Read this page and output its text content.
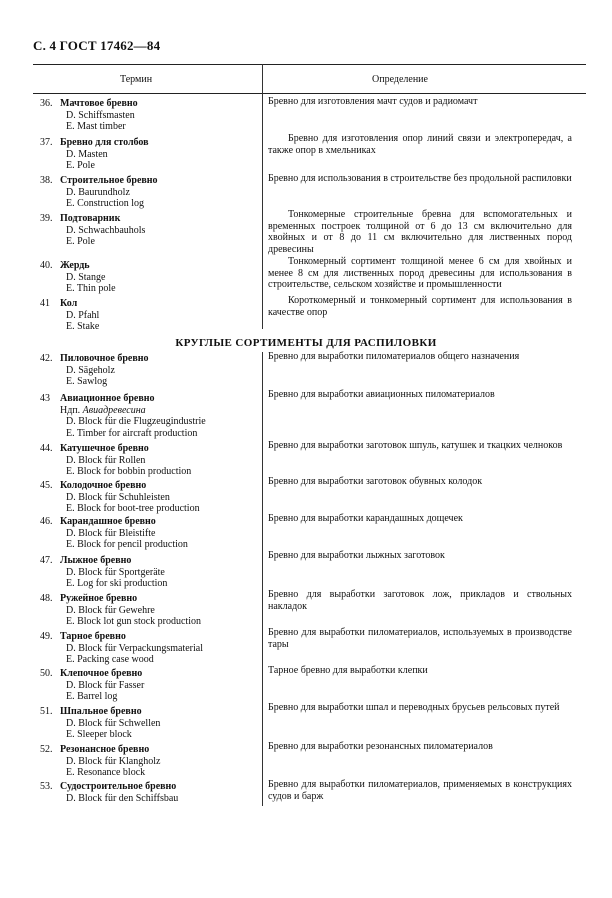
С. 4 ГОСТ 17462—84
Термин	Определение
КРУГЛЫЕ СОРТИМЕНТЫ ДЛЯ РАСПИЛОВКИ
36. Мачтовое бревно
D. Schiffsmasten
E. Mast timber
Бревно для изготовления мачт судов и радиомачт
37. Бревно для столбов
D. Masten
E. Pole
Бревно для изготовления опор линий связи и электропередач, а также опор в хмельниках
38. Строительное бревно
D. Baurundholz
E. Construction log
Бревно для использования в строительстве без продольной распиловки
39. Подтоварник
D. Schwachbauhols
E. Pole
Тонкомерные строительные бревна для вспомогательных и временных построек толщиной от 6 до 13 см включительно для хвойных и от 8 до 11 см включительно для лиственных пород древесины
40. Жердь
D. Stange
E. Thin pole
Тонкомерный сортимент толщиной менее 6 см для хвойных и менее 8 см для лиственных пород древесины для использования в строительстве, сельском хозяйстве и промышленности
41 Кол
D. Pfahl
E. Stake
Короткомерный и тонкомерный сортимент для использования в качестве опор
42. Пиловочное бревно
D. Sägeholz
E. Sawlog
Бревно для выработки пиломатериалов общего назначения
43 Авиационное бревно
Ндп. Авиадревесина
D. Block für die Flugzeugindustrie
E. Timber for aircraft production
Бревно для выработки авиационных пиломатериалов
44. Катушечное бревно
D. Block für Rollen
E. Block for bobbin production
Бревно для выработки заготовок шпуль, катушек и ткацких челноков
45. Колодочное бревно
D. Block für Schuhleisten
E. Block for boot-tree production
Бревно для выработки заготовок обувных колодок
46. Карандашное бревно
D. Block für Bleistifte
E. Block for pencil production
Бревно для выработки карандашных дощечек
47. Лыжное бревно
D. Block für Sportgeräte
E. Log for ski production
Бревно для выработки лыжных заготовок
48. Ружейное бревно
D. Block für Gewehre
E. Block lot gun stock production
Бревно для выработки заготовок лож, прикладов и ствольных накладок
49. Тарное бревно
D. Block für Verpackungsmaterial
E. Packing case wood
Бревно для выработки пиломатериалов, используемых в производстве тары
50. Клепочное бревно
D. Block für Fasser
E. Barrel log
Тарное бревно для выработки клепки
51. Шпальное бревно
D. Block für Schwellen
E. Sleeper block
Бревно для выработки шпал и переводных брусьев рельсовых путей
52. Резонансное бревно
D. Block für Klangholz
E. Resonance block
Бревно для выработки резонансных пиломатериалов
53. Судостроительное бревно
D. Block für den Schiffsbau
Бревно для выработки пиломатериалов, применяемых в конструкциях судов и барж
